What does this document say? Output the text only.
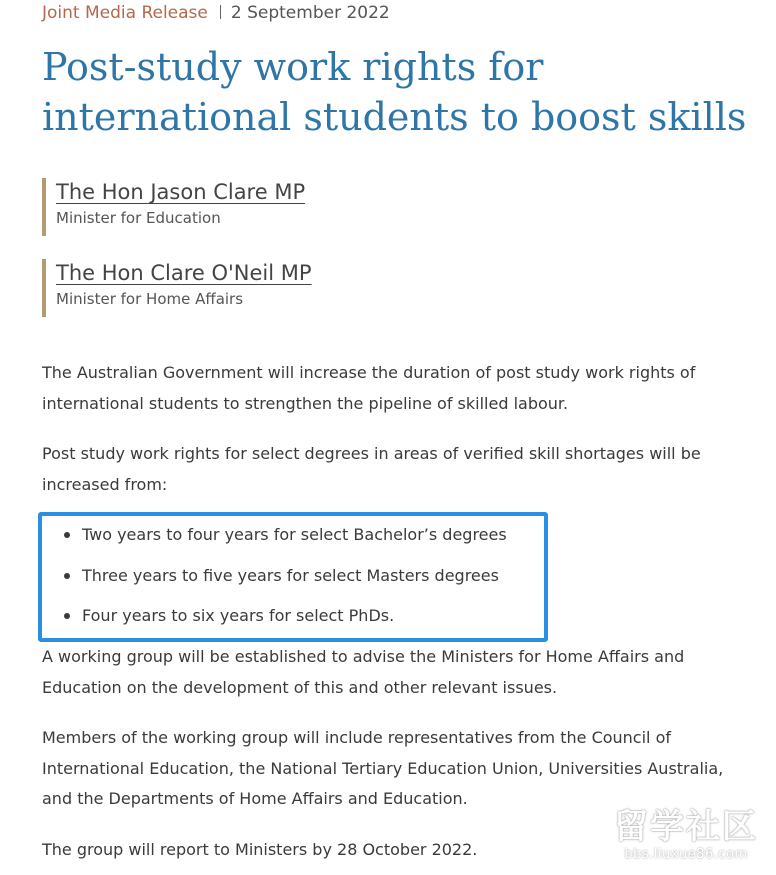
Joint Media Release 2 September 2022
Post-study work rights for international students to boost skills
The Hon Jason Clare MP
Minister for Education
The Hon Clare O'Neil MP
Minister for Home Affairs

The Australian Government will increase the duration of post study work rights of international students to strengthen the pipeline of skilled labour.

Post study work rights for select degrees in areas of verified skill shortages will be increased from:

Two years to four years for select Bachelor’s degrees
Three years to five years for select Masters degrees
Four years to six years for select PhDs.

A working group will be established to advise the Ministers for Home Affairs and Education on the development of this and other relevant issues.

Members of the working group will include representatives from the Council of International Education, the National Tertiary Education Union, Universities Australia, and the Departments of Home Affairs and Education.

The group will report to Ministers by 28 October 2022.

留学社区
bbs.liuxue86.com
